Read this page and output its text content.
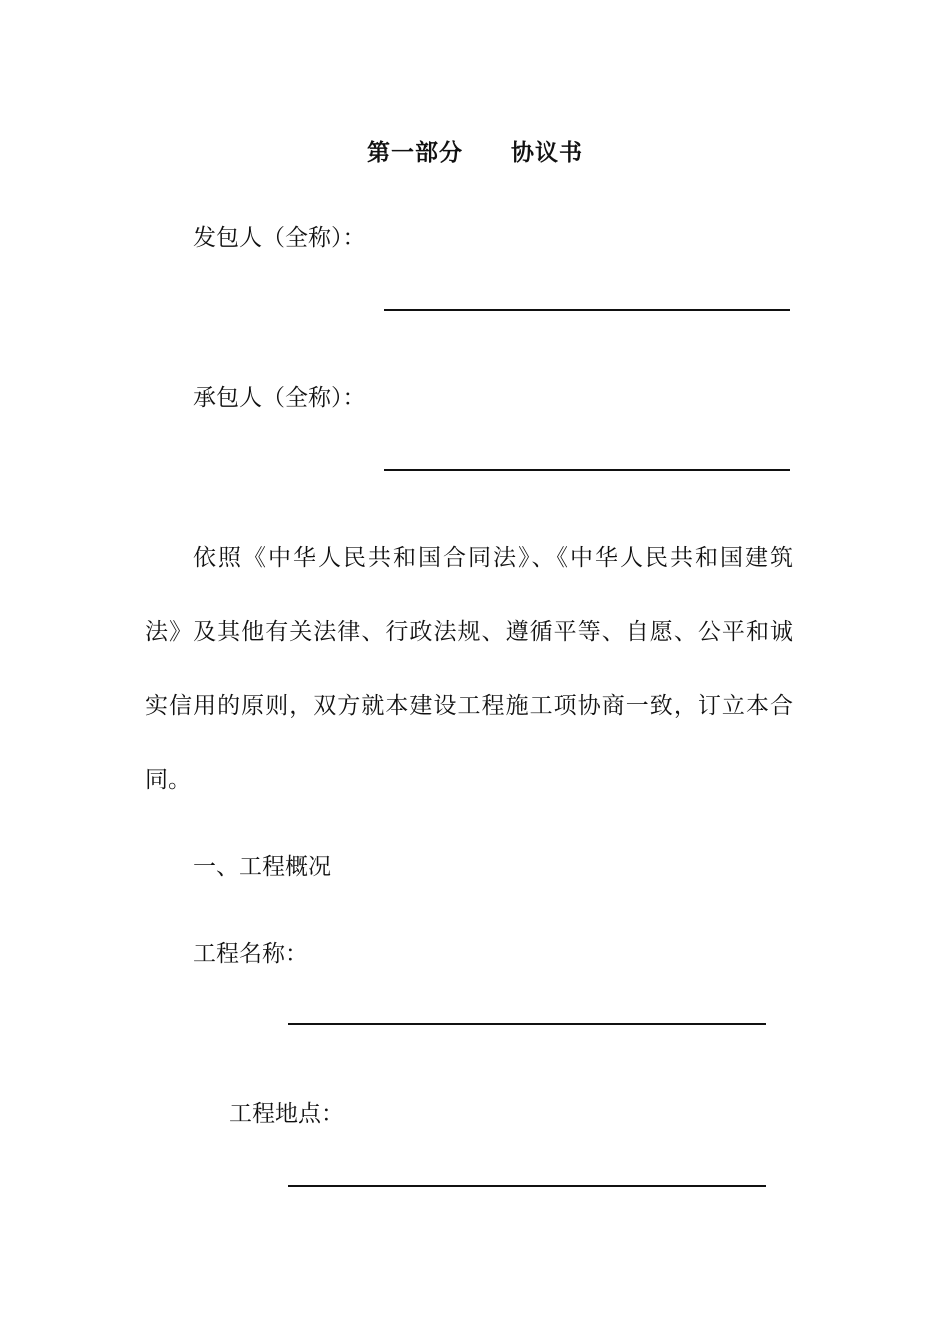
第一部分 协议书
发包人（全称）：
承包人（全称）：
依照《中华人民共和国合同法》、《中华人民共和国建筑
法》及其他有关法律、行政法规、遵循平等、自愿、公平和诚
实信用的原则，双方就本建设工程施工项协商一致，订立本合
同。
一、工程概况
工程名称：
工程地点：
